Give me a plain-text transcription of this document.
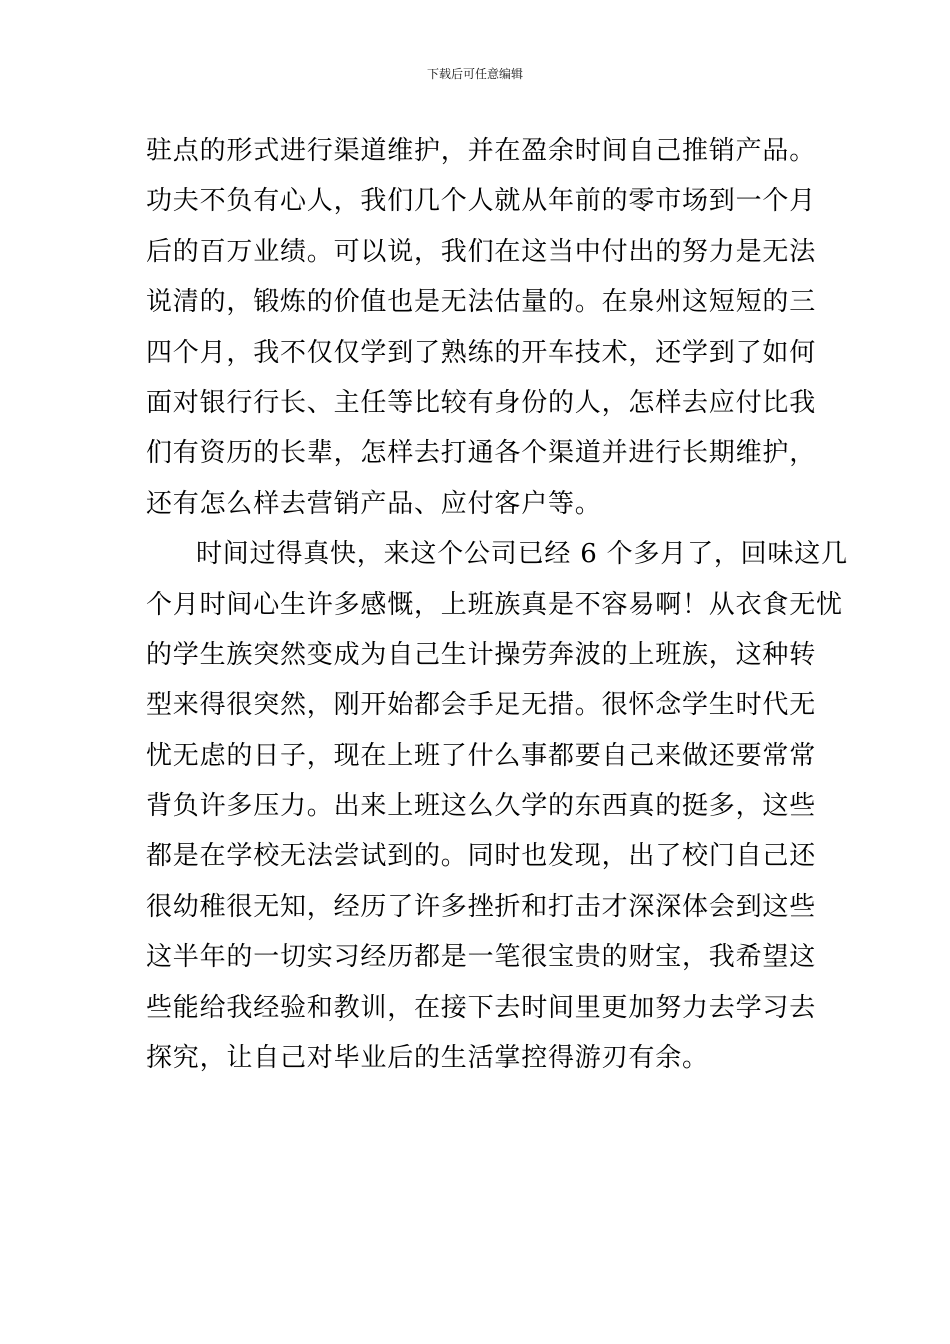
下载后可任意编辑
驻点的形式进行渠道维护，并在盈余时间自己推销产品。
功夫不负有心人，我们几个人就从年前的零市场到一个月
后的百万业绩。可以说，我们在这当中付出的努力是无法
说清的，锻炼的价值也是无法估量的。在泉州这短短的三
四个月，我不仅仅学到了熟练的开车技术，还学到了如何
面对银行行长、主任等比较有身份的人，怎样去应付比我
们有资历的长辈，怎样去打通各个渠道并进行长期维护，
还有怎么样去营销产品、应付客户等。
时间过得真快，来这个公司已经 6 个多月了，回味这几
个月时间心生许多感慨，上班族真是不容易啊！从衣食无忧
的学生族突然变成为自己生计操劳奔波的上班族，这种转
型来得很突然，刚开始都会手足无措。很怀念学生时代无
忧无虑的日子，现在上班了什么事都要自己来做还要常常
背负许多压力。出来上班这么久学的东西真的挺多，这些
都是在学校无法尝试到的。同时也发现，出了校门自己还
很幼稚很无知，经历了许多挫折和打击才深深体会到这些
这半年的一切实习经历都是一笔很宝贵的财宝，我希望这
些能给我经验和教训，在接下去时间里更加努力去学习去
探究，让自己对毕业后的生活掌控得游刃有余。
